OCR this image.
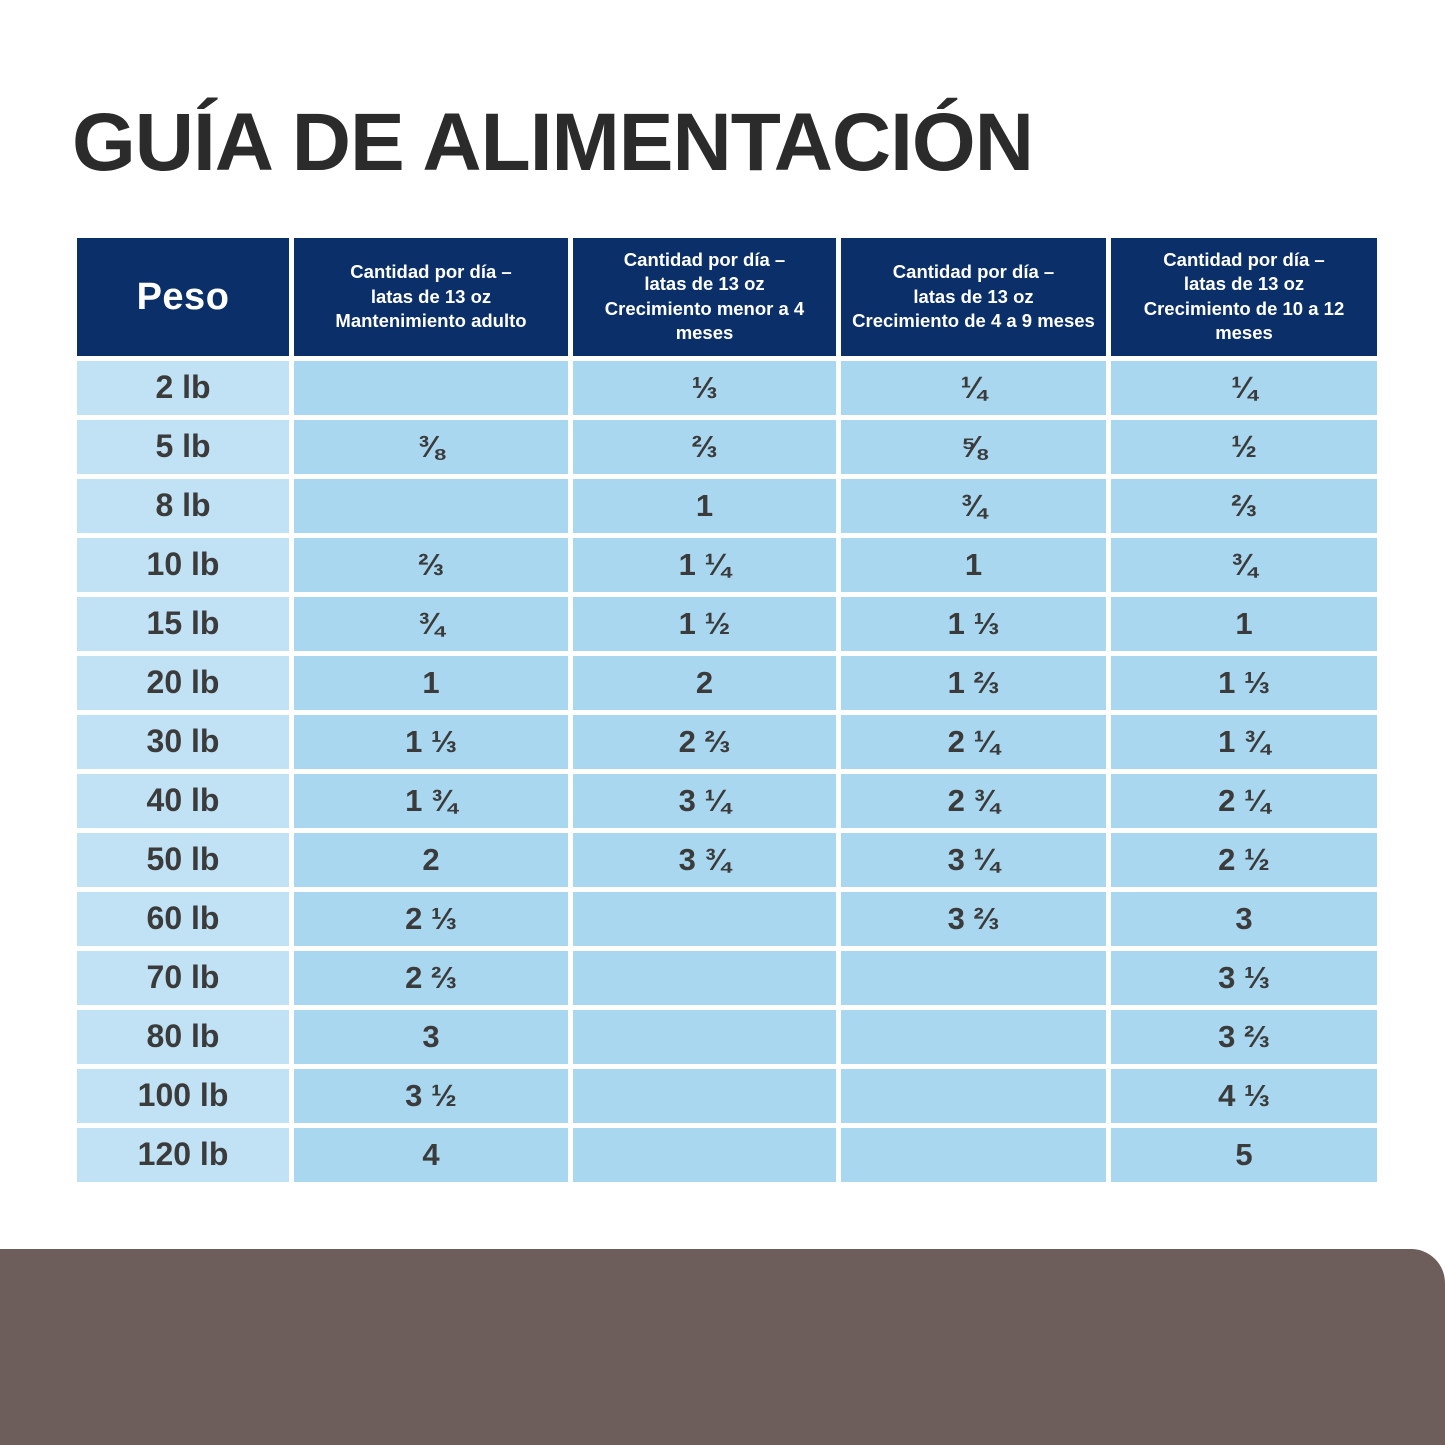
GUÍA DE ALIMENTACIÓN
Peso	
Cantidad por día –
latas de 13 oz
Mantenimiento adulto

Cantidad por día –
latas de 13 oz
Crecimiento menor a 4 meses

Cantidad por día –
latas de 13 oz
Crecimiento de 4 a 9 meses

Cantidad por día –
latas de 13 oz
Crecimiento de 10 a 12 meses

2 lb		⅓	¼	¼
5 lb	⅜	⅔	⅝	½
8 lb		1	¾	⅔
10 lb	⅔	1 ¼	1	¾
15 lb	¾	1 ½	1 ⅓	1
20 lb	1	2	1 ⅔	1 ⅓
30 lb	1 ⅓	2 ⅔	2 ¼	1 ¾
40 lb	1 ¾	3 ¼	2 ¾	2 ¼
50 lb	2	3 ¾	3 ¼	2 ½
60 lb	2 ⅓		3 ⅔	3
70 lb	2 ⅔			3 ⅓
80 lb	3			3 ⅔
100 lb	3 ½			4 ⅓
120 lb	4			5
